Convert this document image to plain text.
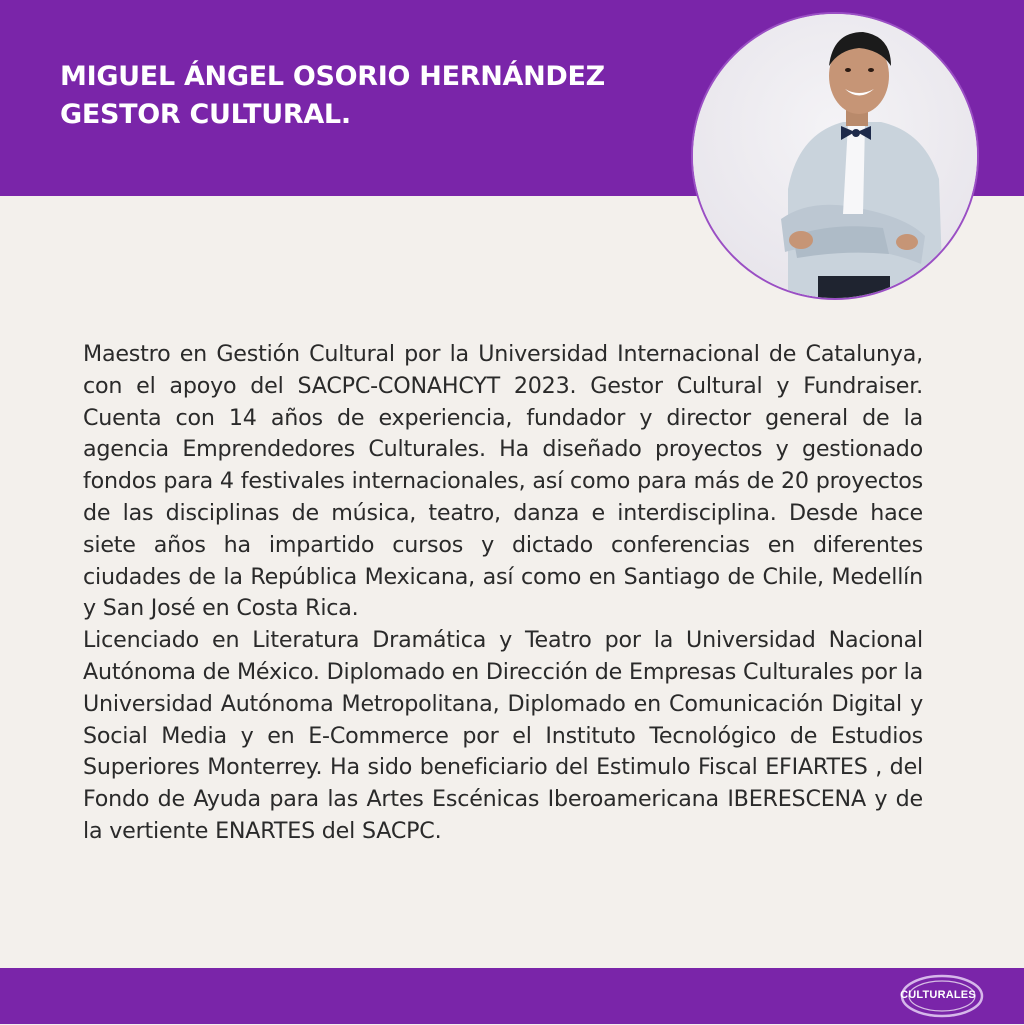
MIGUEL ÁNGEL OSORIO HERNÁNDEZ
GESTOR CULTURAL.

Maestro en Gestión Cultural por la Universidad Internacional de Catalunya, con el apoyo del SACPC-CONAHCYT 2023. Gestor Cultural y Fundraiser. Cuenta con 14 años de experiencia, fundador y director general de la agencia Emprendedores Culturales. Ha diseñado proyectos y gestionado fondos para 4 festivales internacionales, así como para más de 20 proyectos de las disciplinas de música, teatro, danza e interdisciplina. Desde hace siete años ha impartido cursos y dictado conferencias en diferentes ciudades de la República Mexicana, así como en Santiago de Chile, Medellín y San José en Costa Rica.

Licenciado en Literatura Dramática y Teatro por la Universidad Nacional Autónoma de México. Diplomado en Dirección de Empresas Culturales por la Universidad Autónoma Metropolitana, Diplomado en Comunicación Digital y Social Media y en E-Commerce por el Instituto Tecnológico de Estudios Superiores Monterrey. Ha sido beneficiario del Estimulo Fiscal EFIARTES , del Fondo de Ayuda para las Artes Escénicas Iberoamericana IBERESCENA y de la vertiente ENARTES del SACPC.

CULTURALES
